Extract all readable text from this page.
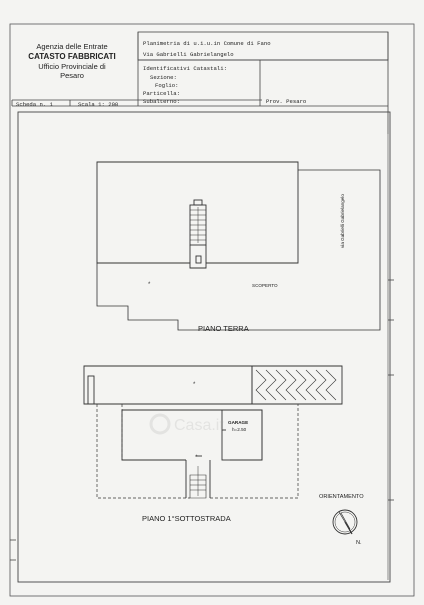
*
*
*
Casa.it
Agenzia delle Entrate
CATASTO FABBRICATI
Ufficio Provinciale di
Pesaro
Planimetria di u.i.u.in Comune di Fano
Via Gabrielli Gabrielangelo
Identificativi Catastali:
Sezione:
Foglio:
Particella:
Subalterno:	Prov. Pesaro
Scheda n. 1	Scala 1: 200
PIANO TERRA
SCOPERTO
GARAGE
h=2.50
PIANO 1°SOTTOSTRADA
ORIENTAMENTO
N.
via Gabrielli Gabrielangelo
